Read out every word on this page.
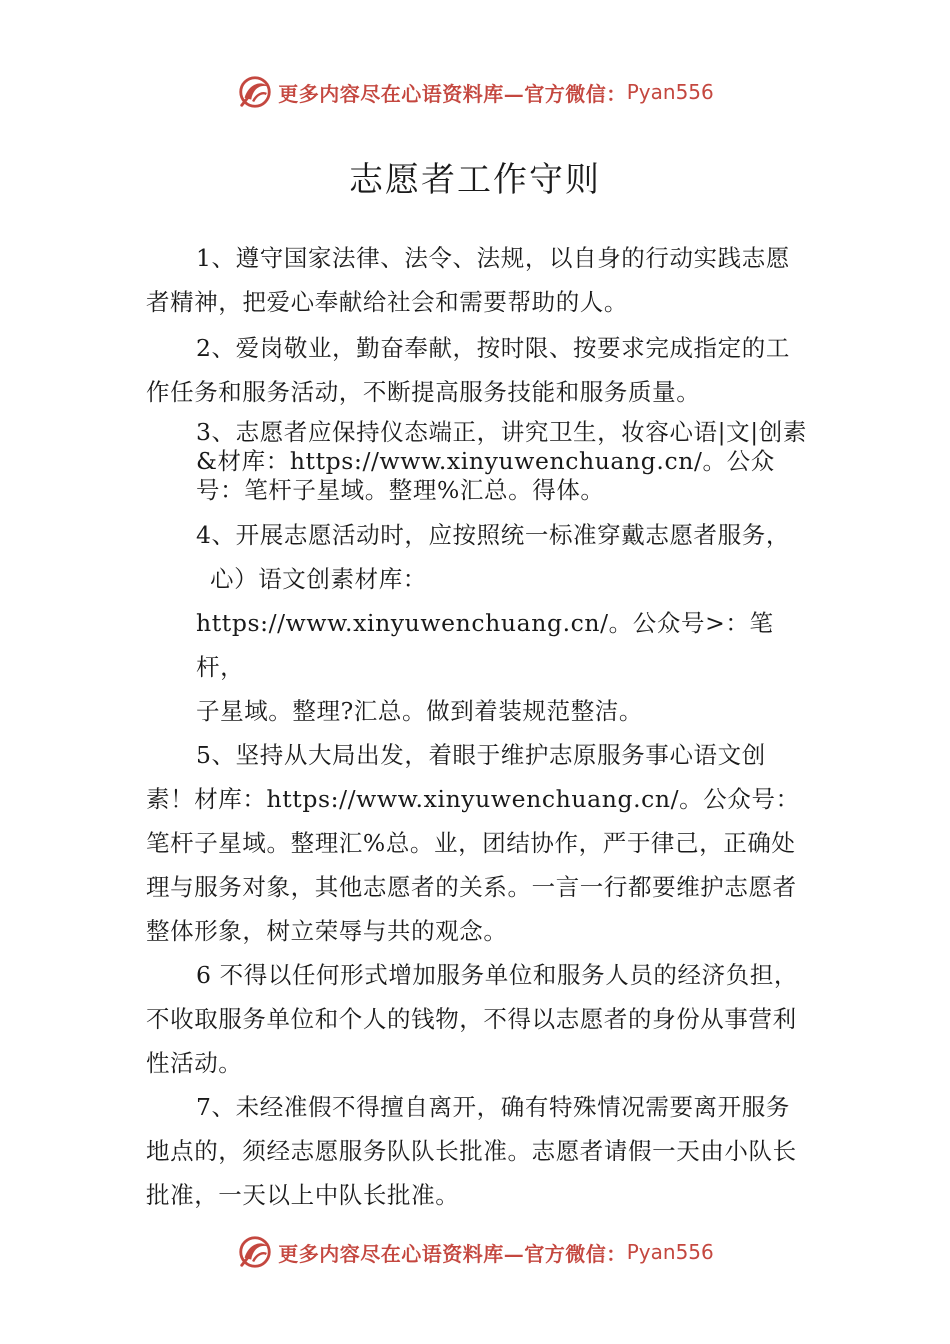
更多内容尽在心语资料库—官方微信： Pyan556
志愿者工作守则

1、遵守国家法律、法令、法规，以自身的行动实践志愿者精神，把爱心奉献给社会和需要帮助的人。

2、爱岗敬业，勤奋奉献，按时限、按要求完成指定的工作任务和服务活动，不断提高服务技能和服务质量。

3、志愿者应保持仪态端正，讲究卫生，妆容心语|文|创素&材库：https://www.xinyuwenchuang.cn/。公众号：笔杆子星域。整理%汇总。得体。

4、开展志愿活动时，应按照统一标准穿戴志愿者服务，

心）语文创素材库：

https://www.xinyuwenchuang.cn/。公众号>：笔杆，

子星域。整理?汇总。做到着装规范整洁。

5、坚持从大局出发，着眼于维护志原服务事心语文创素！材库：https://www.xinyuwenchuang.cn/。公众号：笔杆子星域。整理汇%总。业，团结协作，严于律己，正确处理与服务对象，其他志愿者的关系。一言一行都要维护志愿者整体形象，树立荣辱与共的观念。

6 不得以任何形式增加服务单位和服务人员的经济负担，不收取服务单位和个人的钱物，不得以志愿者的身份从事营利性活动。

7、未经准假不得擅自离开，确有特殊情况需要离开服务地点的，须经志愿服务队队长批准。志愿者请假一天由小队长批准，一天以上中队长批准。

更多内容尽在心语资料库—官方微信： Pyan556
